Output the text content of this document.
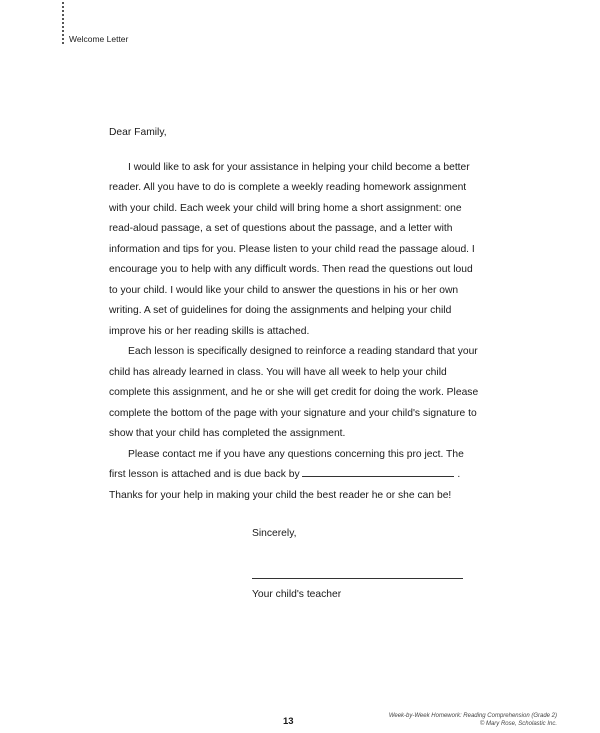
Welcome Letter

Dear Family,

I would like to ask for your assistance in helping your child become a better reader. All you have to do is complete a weekly reading homework assignment with your child. Each week your child will bring home a short assignment: one read-aloud passage, a set of questions about the passage, and a letter with information and tips for you. Please listen to your child read the passage aloud. I encourage you to help with any difficult words. Then read the questions out loud to your child. I would like your child to answer the questions in his or her own writing. A set of guidelines for doing the assignments and helping your child improve his or her reading skills is attached.

Each lesson is specifically designed to reinforce a reading standard that your child has already learned in class. You will have all week to help your child complete this assignment, and he or she will get credit for doing the work. Please complete the bottom of the page with your signature and your child's signature to show that your child has completed the assignment.

Please contact me if you have any questions concerning this pro ject. The first lesson is attached and is due back by	. Thanks for your help in making your child the best reader he or she can be!

Sincerely,
Your child's teacher
13	Week-by-Week Homework: Reading Comprehension (Grade 2)
© Mary Rose, Scholastic Inc.
